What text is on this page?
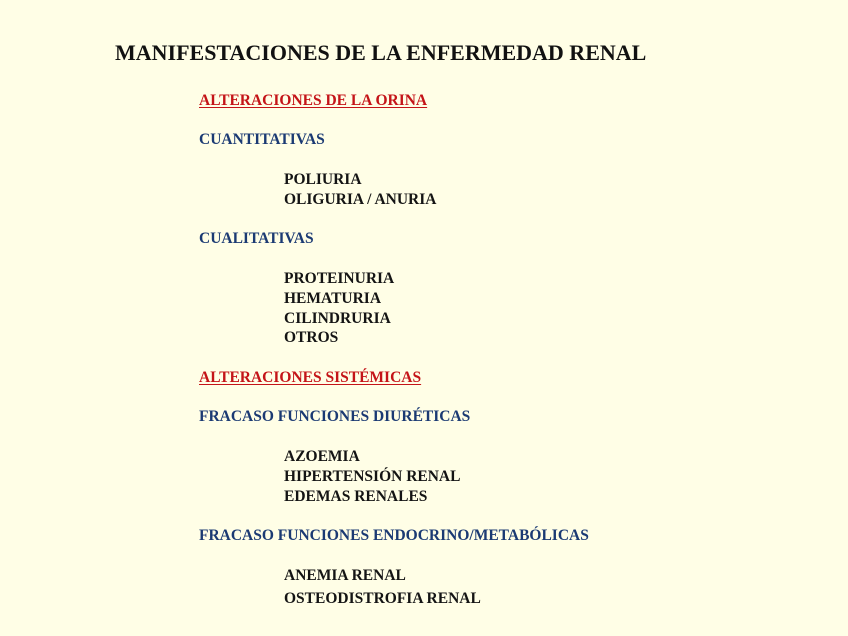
MANIFESTACIONES DE LA ENFERMEDAD RENAL
ALTERACIONES DE LA ORINA
CUANTITATIVAS
POLIURIA
OLIGURIA / ANURIA
CUALITATIVAS
PROTEINURIA
HEMATURIA
CILINDRURIA
OTROS
ALTERACIONES SISTÉMICAS
FRACASO FUNCIONES DIURÉTICAS
AZOEMIA
HIPERTENSIÓN RENAL
EDEMAS RENALES
FRACASO FUNCIONES ENDOCRINO/METABÓLICAS
ANEMIA RENAL
OSTEODISTROFIA RENAL
